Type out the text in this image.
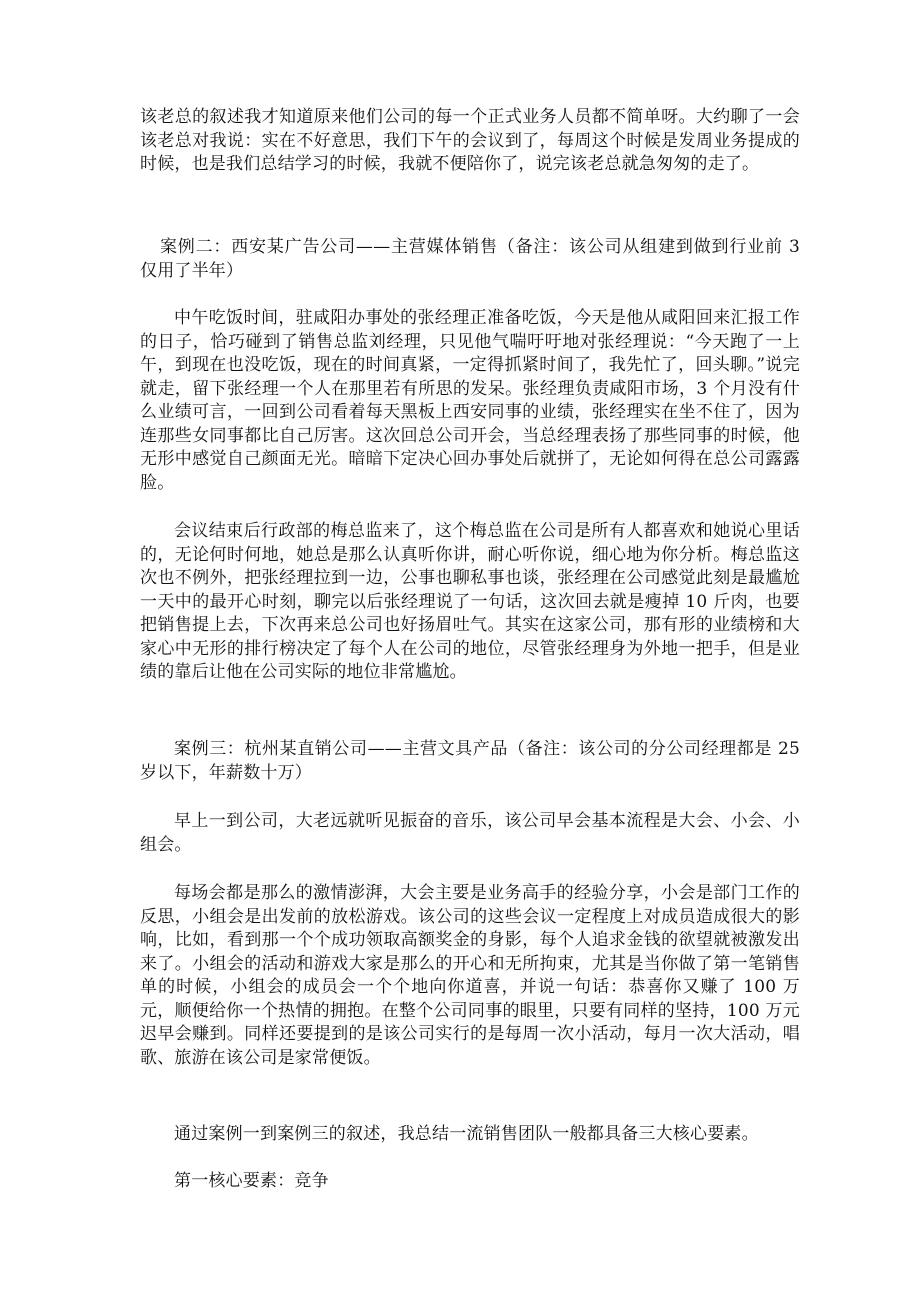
该老总的叙述我才知道原来他们公司的每一个正式业务人员都不简单呀。大约聊了一会该老总对我说：实在不好意思，我们下午的会议到了，每周这个时候是发周业务提成的时候，也是我们总结学习的时候，我就不便陪你了，说完该老总就急匆匆的走了。

案例二：西安某广告公司——主营媒体销售（备注：该公司从组建到做到行业前 3 仅用了半年）

中午吃饭时间，驻咸阳办事处的张经理正准备吃饭，今天是他从咸阳回来汇报工作的日子，恰巧碰到了销售总监刘经理，只见他气喘吁吁地对张经理说：“今天跑了一上午，到现在也没吃饭，现在的时间真紧，一定得抓紧时间了，我先忙了，回头聊。”说完就走，留下张经理一个人在那里若有所思的发呆。张经理负责咸阳市场，3 个月没有什么业绩可言，一回到公司看着每天黑板上西安同事的业绩，张经理实在坐不住了，因为连那些女同事都比自己厉害。这次回总公司开会，当总经理表扬了那些同事的时候，他无形中感觉自己颜面无光。暗暗下定决心回办事处后就拼了，无论如何得在总公司露露脸。

会议结束后行政部的梅总监来了，这个梅总监在公司是所有人都喜欢和她说心里话的，无论何时何地，她总是那么认真听你讲，耐心听你说，细心地为你分析。梅总监这次也不例外，把张经理拉到一边，公事也聊私事也谈，张经理在公司感觉此刻是最尴尬一天中的最开心时刻，聊完以后张经理说了一句话，这次回去就是瘦掉 10 斤肉，也要把销售提上去，下次再来总公司也好扬眉吐气。其实在这家公司，那有形的业绩榜和大家心中无形的排行榜决定了每个人在公司的地位，尽管张经理身为外地一把手，但是业绩的靠后让他在公司实际的地位非常尴尬。

案例三：杭州某直销公司——主营文具产品（备注：该公司的分公司经理都是 25 岁以下，年薪数十万）

早上一到公司，大老远就听见振奋的音乐，该公司早会基本流程是大会、小会、小组会。

每场会都是那么的激情澎湃，大会主要是业务高手的经验分享，小会是部门工作的反思，小组会是出发前的放松游戏。该公司的这些会议一定程度上对成员造成很大的影响，比如，看到那一个个成功领取高额奖金的身影，每个人追求金钱的欲望就被激发出来了。小组会的活动和游戏大家是那么的开心和无所拘束，尤其是当你做了第一笔销售单的时候，小组会的成员会一个个地向你道喜，并说一句话：恭喜你又赚了 100 万元，顺便给你一个热情的拥抱。在整个公司同事的眼里，只要有同样的坚持，100 万元迟早会赚到。同样还要提到的是该公司实行的是每周一次小活动，每月一次大活动，唱歌、旅游在该公司是家常便饭。

通过案例一到案例三的叙述，我总结一流销售团队一般都具备三大核心要素。

第一核心要素：竞争
